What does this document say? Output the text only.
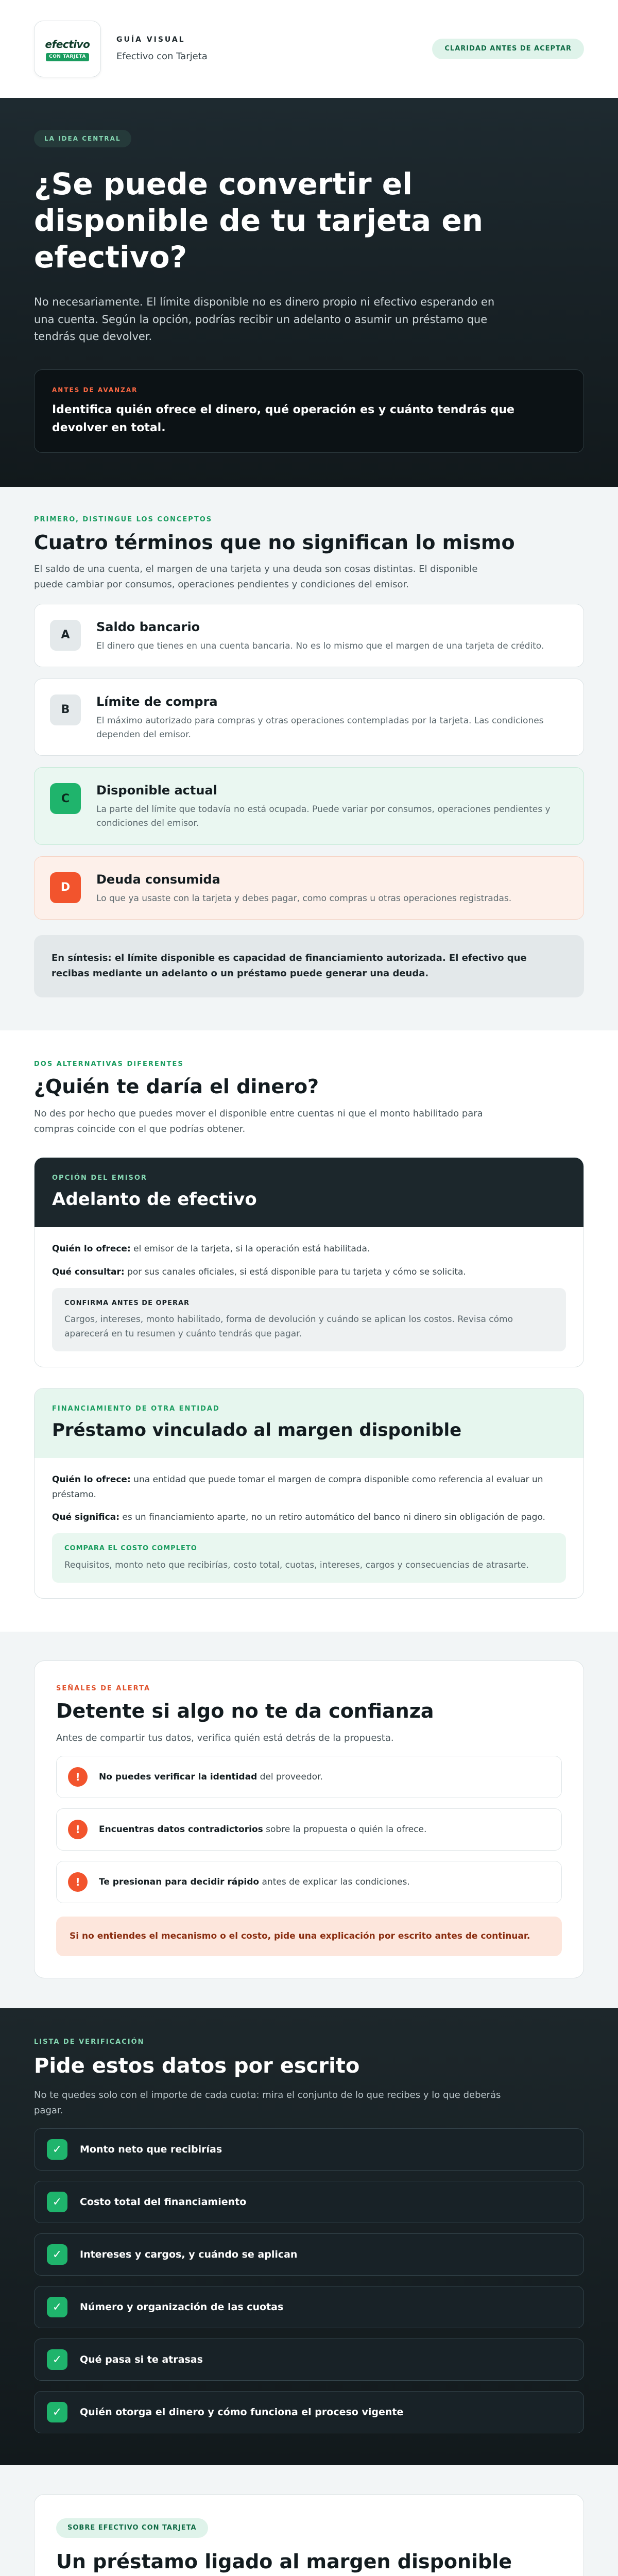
efectivo
CON TARJETA
GUÍA VISUAL
Efectivo con Tarjeta
CLARIDAD ANTES DE ACEPTAR
LA IDEA CENTRAL
¿Se puede convertir el disponible de tu tarjeta en efectivo?

No necesariamente. El límite disponible no es dinero propio ni efectivo esperando en una cuenta. Según la opción, podrías recibir un adelanto o asumir un préstamo que tendrás que devolver.

ANTES DE AVANZAR
Identifica quién ofrece el dinero, qué operación es y cuánto tendrás que devolver en total.
PRIMERO, DISTINGUE LOS CONCEPTOS
Cuatro términos que no significan lo mismo

El saldo de una cuenta, el margen de una tarjeta y una deuda son cosas distintas. El disponible puede cambiar por consumos, operaciones pendientes y condiciones del emisor.

A
Saldo bancario
El dinero que tienes en una cuenta bancaria. No es lo mismo que el margen de una tarjeta de crédito.
B
Límite de compra
El máximo autorizado para compras y otras operaciones contempladas por la tarjeta. Las condiciones dependen del emisor.
C
Disponible actual
La parte del límite que todavía no está ocupada. Puede variar por consumos, operaciones pendientes y condiciones del emisor.
D
Deuda consumida
Lo que ya usaste con la tarjeta y debes pagar, como compras u otras operaciones registradas.
En síntesis: el límite disponible es capacidad de financiamiento autorizada. El efectivo que recibas mediante un adelanto o un préstamo puede generar una deuda.
DOS ALTERNATIVAS DIFERENTES
¿Quién te daría el dinero?

No des por hecho que puedes mover el disponible entre cuentas ni que el monto habilitado para compras coincide con el que podrías obtener.

OPCIÓN DEL EMISOR
Adelanto de efectivo

Quién lo ofrece: el emisor de la tarjeta, si la operación está habilitada.

Qué consultar: por sus canales oficiales, si está disponible para tu tarjeta y cómo se solicita.

CONFIRMA ANTES DE OPERAR
Cargos, intereses, monto habilitado, forma de devolución y cuándo se aplican los costos. Revisa cómo aparecerá en tu resumen y cuánto tendrás que pagar.
FINANCIAMIENTO DE OTRA ENTIDAD
Préstamo vinculado al margen disponible

Quién lo ofrece: una entidad que puede tomar el margen de compra disponible como referencia al evaluar un préstamo.

Qué significa: es un financiamiento aparte, no un retiro automático del banco ni dinero sin obligación de pago.

COMPARA EL COSTO COMPLETO
Requisitos, monto neto que recibirías, costo total, cuotas, intereses, cargos y consecuencias de atrasarte.
SEÑALES DE ALERTA
Detente si algo no te da confianza

Antes de compartir tus datos, verifica quién está detrás de la propuesta.

!	No puedes verificar la identidad del proveedor.
!	Encuentras datos contradictorios sobre la propuesta o quién la ofrece.
!	Te presionan para decidir rápido antes de explicar las condiciones.
Si no entiendes el mecanismo o el costo, pide una explicación por escrito antes de continuar.
LISTA DE VERIFICACIÓN
Pide estos datos por escrito

No te quedes solo con el importe de cada cuota: mira el conjunto de lo que recibes y lo que deberás pagar.

✓	Monto neto que recibirías
✓	Costo total del financiamiento
✓	Intereses y cargos, y cuándo se aplican
✓	Número y organización de las cuotas
✓	Qué pasa si te atrasas
✓	Quién otorga el dinero y cómo funciona el proceso vigente
SOBRE EFECTIVO CON TARJETA
Un préstamo ligado al margen disponible
